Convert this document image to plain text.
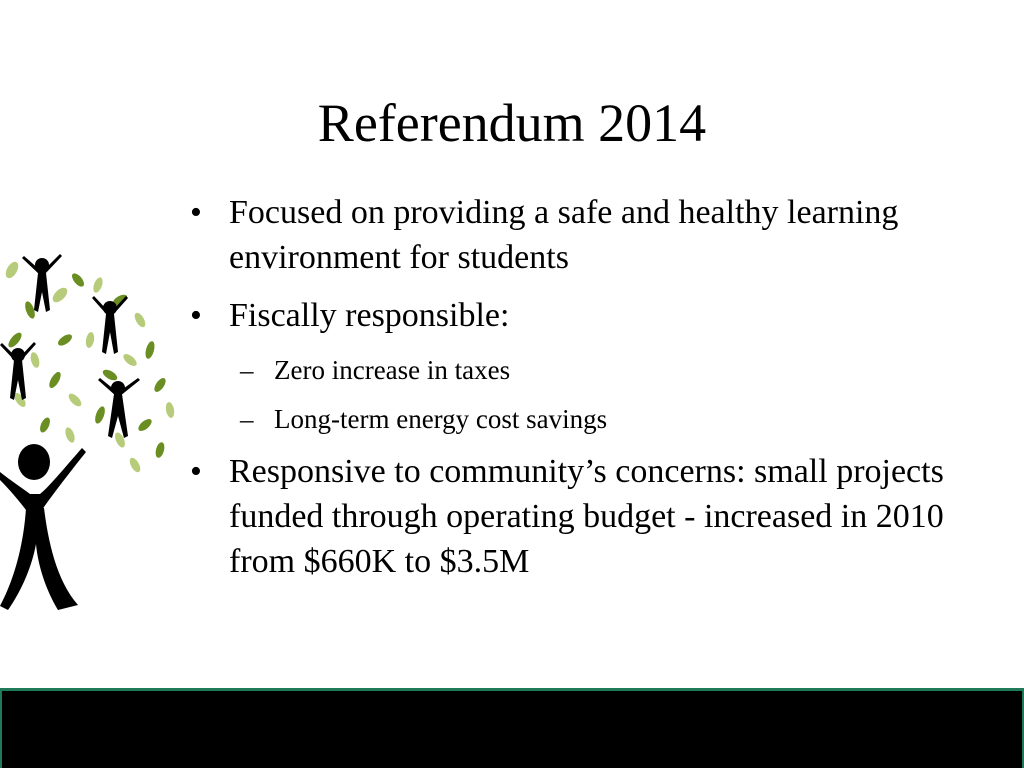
Referendum 2014
• Focused on providing a safe and healthy learning environment for students
• Fiscally responsible:
– Zero increase in taxes
– Long-term energy cost savings
• Responsive to community’s concerns: small projects funded through operating budget - increased in 2010 from $660K to $3.5M
